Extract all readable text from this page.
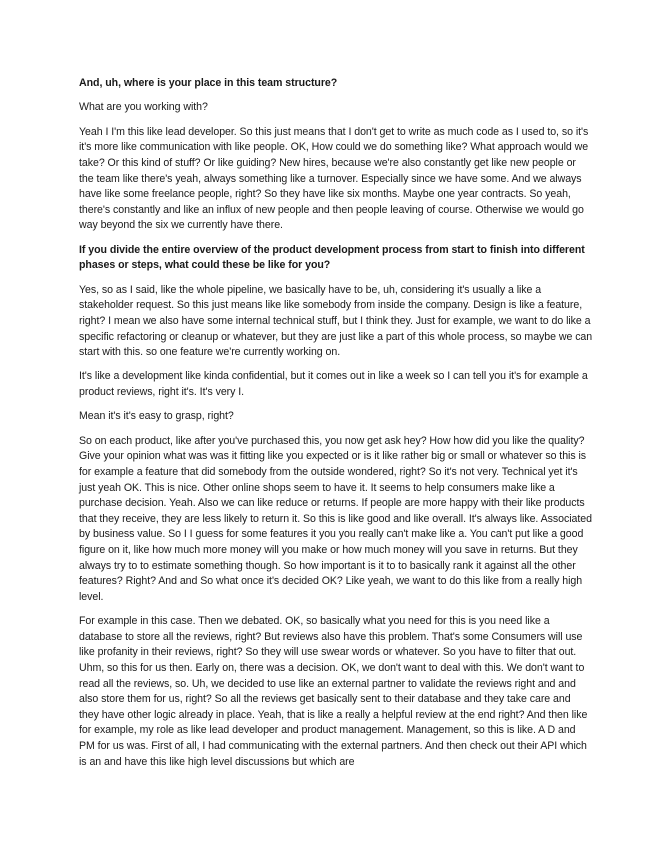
And, uh, where is your place in this team structure?

What are you working with?

Yeah I I'm this like lead developer. So this just means that I don't get to write as much code as I used to, so it's it's more like communication with like people. OK, How could we do something like? What approach would we take? Or this kind of stuff? Or like guiding? New hires, because we're also constantly get like new people or the team like there's yeah, always something like a turnover. Especially since we have some. And we always have like some freelance people, right? So they have like six months. Maybe one year contracts. So yeah, there's constantly and like an influx of new people and then people leaving of course. Otherwise we would go way beyond the six we currently have there.

If you divide the entire overview of the product development process from start to finish into different phases or steps, what could these be like for you?

Yes, so as I said, like the whole pipeline, we basically have to be, uh, considering it's usually a like a stakeholder request. So this just means like like somebody from inside the company. Design is like a feature, right? I mean we also have some internal technical stuff, but I think they. Just for example, we want to do like a specific refactoring or cleanup or whatever, but they are just like a part of this whole process, so maybe we can start with this. so one feature we're currently working on.

It's like a development like kinda confidential, but it comes out in like a week so I can tell you it's for example a product reviews, right it's. It's very I.

Mean it's it's easy to grasp, right?

So on each product, like after you've purchased this, you now get ask hey? How how did you like the quality? Give your opinion what was was it fitting like you expected or is it like rather big or small or whatever so this is for example a feature that did somebody from the outside wondered, right? So it's not very. Technical yet it's just yeah OK. This is nice. Other online shops seem to have it. It seems to help consumers make like a purchase decision. Yeah. Also we can like reduce or returns. If people are more happy with their like products that they receive, they are less likely to return it. So this is like good and like overall. It's always like. Associated by business value. So I I guess for some features it you you really can't make like a. You can't put like a good figure on it, like how much more money will you make or how much money will you save in returns. But they always try to to estimate something though. So how important is it to to basically rank it against all the other features? Right? And and So what once it's decided OK? Like yeah, we want to do this like from a really high level.

For example in this case. Then we debated. OK, so basically what you need for this is you need like a database to store all the reviews, right? But reviews also have this problem. That's some Consumers will use like profanity in their reviews, right? So they will use swear words or whatever. So you have to filter that out. Uhm, so this for us then. Early on, there was a decision. OK, we don't want to deal with this. We don't want to read all the reviews, so. Uh, we decided to use like an external partner to validate the reviews right and and also store them for us, right? So all the reviews get basically sent to their database and they take care and they have other logic already in place. Yeah, that is like a really a helpful review at the end right? And then like for example, my role as like lead developer and product management. Management, so this is like. A D and PM for us was. First of all, I had communicating with the external partners. And then check out their API which is an and have this like high level discussions but which are
